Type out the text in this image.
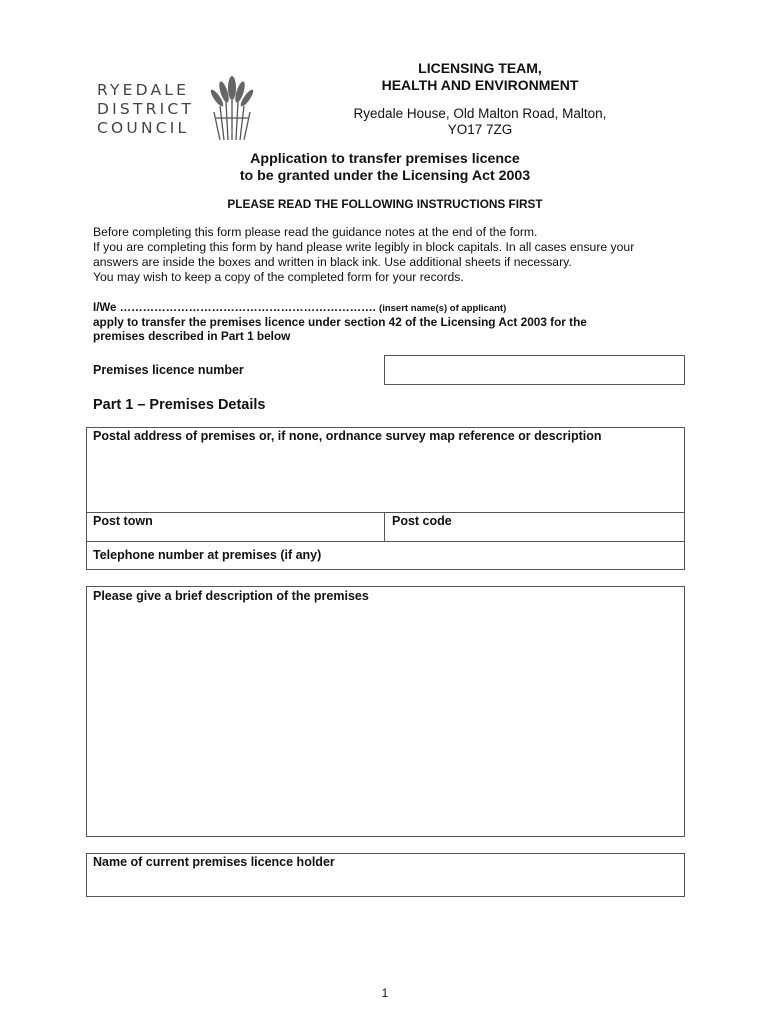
RYEDALE
DISTRICT
COUNCIL
LICENSING TEAM,
HEALTH AND ENVIRONMENT
Ryedale House, Old Malton Road, Malton,
YO17 7ZG
Application to transfer premises licence
to be granted under the Licensing Act 2003
PLEASE READ THE FOLLOWING INSTRUCTIONS FIRST
Before completing this form please read the guidance notes at the end of the form.
If you are completing this form by hand please write legibly in block capitals. In all cases ensure your
answers are inside the boxes and written in black ink. Use additional sheets if necessary.
You may wish to keep a copy of the completed form for your records.
I/We …………………………………………………………. (insert name(s) of applicant)
apply to transfer the premises licence under section 42 of the Licensing Act 2003 for the
premises described in Part 1 below
Premises licence number
Part 1 – Premises Details
Postal address of premises or, if none, ordnance survey map reference or description
Post town	Post code
Telephone number at premises (if any)
Please give a brief description of the premises
Name of current premises licence holder
1
